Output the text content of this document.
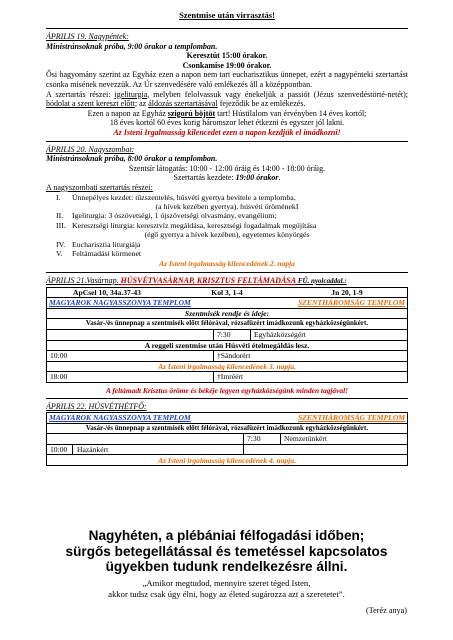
Szentmise után virrasztás!
ÁPRILIS 19. Nagypéntek:
Ministránsoknak próba, 9:00 órakor a templomban.
Keresztút 15:00 órakor.
Csonkamise 19:00 órakor.
Ősi hagyomány szerint az Egyház ezen a napon nem tart eucharisztikus ünnepet, ezért a nagypénteki szertartást csonka misének nevezzük. Az Úr szenvedésére való emlékezés áll a középpontban.
A szertartás részei: igeliturgia, melyben felolvassuk vagy énekeljük a passiót (Jézus szenvedéstörté-netét); hódolat a szent kereszt előtt; az áldozás szertartásával fejeződik be az emlékezés.
Ezen a napon az Egyház szigorú böjtöt tart! Hústilalom van érvényben 14 éves kortól;
18 éves kortól 60 éves korig háromszor lehet étkezni és egyszer jól lakni.
Az Isteni Irgalmasság kilencedet ezen a napon kezdjük el imádkozni!
ÁPRILIS 20. Nagyszombat:
Ministránsoknak próba, 8:00 órakor a templomban.
Szentsír látogatás: 10:00 - 12:00 óráig és 14:00 - 18:00 óráig.
Szertartás kezdete: 19:00 órakor.
A nagyszombati szertartás részei:
I.	Ünnepélyes kezdet: tűzszentelés, húsvéti gyertya bevitele a templomba,
(a hívek kezében gyertya), húsvéti öröménekI
II.	Igeliturgia: 3 ószövetségi, 1 újszövetségi olvasmány, evangélium;
III. Keresztségi liturgia: keresztvíz megáldása, keresztségi fogadalmak megújítása
(égő gyertya a hívek kezében), egyetemes könyörgés
IV. Eucharisztia liturgiája
V.	Feltámadási körmenet
Az Isteni irgalmasság kilencedének 2. napja
ÁPRILIS 21.Vasárnap. HÚSVÉTVASÁRNAP, KRISZTUS FELTÁMADÁSA FŰ. nyolcaddal.:
ApCsel 10, 34a.37-43 Kol 3, 1-4 Jn 20, 1-9		

MAGYAROK NAGYASSZONYA TEMPLOM SZENTHÁROMSÁG TEMPLOM		

Szentmisék rendje és ideje:		
Vasár-/és ünnepnap a szentmisék előtt félórával, rózsafüzért imádkozunk egyházközségünkért.		
	7:30	Egyházközségért
A reggeli szentmise után Húsvéti ételmegáldás lesz.		
10:00	†Sándorért	
Az Isteni irgalmasság kilencedének 3. napja.		
18:00	†Imréért	
A feltámadt Krisztus öröme és békéje legyen egyházközségünk minden tagjával!
ÁPRILIS 22. HÚSVÉTHÉTFŐ:
MAGYAROK NAGYASSZONYA TEMPLOM SZENTHÁROMSÁG TEMPLOM		

Vasár-/és ünnepnap a szentmisék előtt félórával, rózsafüzért imádkozunk egyházközségünkért.		
	7:30	Nemzetünkért

10:00 Hazánkért		

Az Isteni irgalmasság kilencedének 4. napja.		
Nagyhéten, a plébániai félfogadási időben;
sürgős betegellátással és temetéssel kapcsolatos
ügyekben tudunk rendelkezésre állni.
„Amikor megtudod, mennyire szeret téged Isten,
akkor tudsz csak úgy élni, hogy az életed sugározza azt a szeretetet”.
(Teréz anya)
